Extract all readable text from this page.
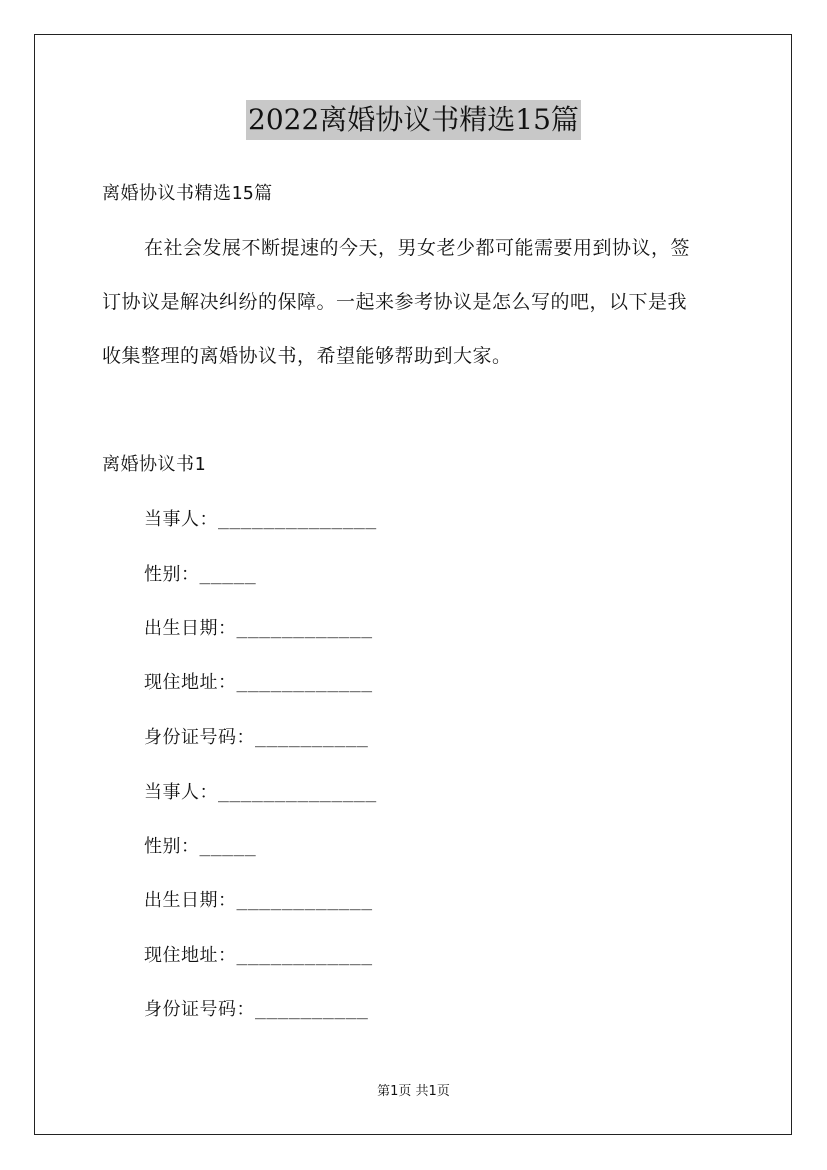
2022离婚协议书精选15篇
离婚协议书精选15篇
在社会发展不断提速的今天，男女老少都可能需要用到协议，签
订协议是解决纠纷的保障。一起来参考协议是怎么写的吧，以下是我
收集整理的离婚协议书，希望能够帮助到大家。
离婚协议书1
当事人：______________
性别：_____
出生日期：____________
现住地址：____________
身份证号码：__________
当事人：______________
性别：_____
出生日期：____________
现住地址：____________
身份证号码：__________
第1页 共1页
